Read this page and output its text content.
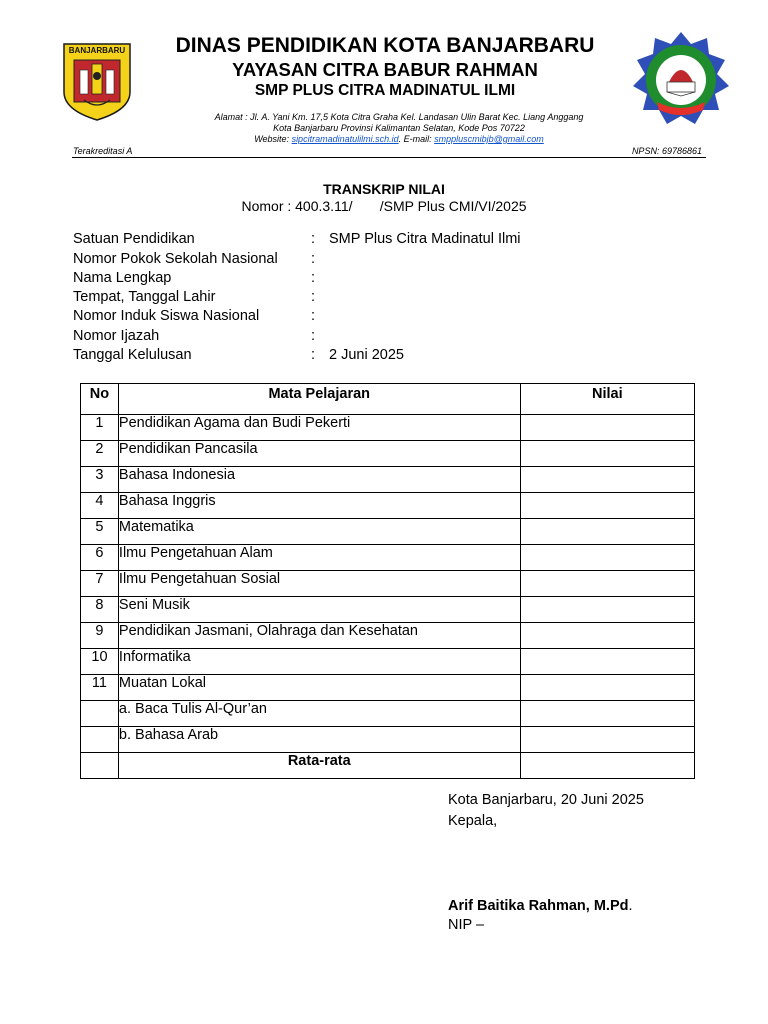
BANJARBARU	DINAS PENDIDIKAN KOTA BANJARBARU
YAYASAN CITRA BABUR RAHMAN
SMP PLUS CITRA MADINATUL ILMI
Alamat : Jl. A. Yani Km. 17,5 Kota Citra Graha Kel. Landasan Ulin Barat Kec. Liang Anggang
Kota Banjarbaru Provinsi Kalimantan Selatan, Kode Pos 70722
Website: sipcitramadinatulilmi.sch.id. E-mail: smppluscmibjb@gmail.com
Terakreditasi A	NPSN: 69786861
TRANSKRIP NILAI
Nomor : 400.3.11/       /SMP Plus CMI/VI/2025
Satuan Pendidikan	: SMP Plus Citra Madinatul Ilmi
Nomor Pokok Sekolah Nasional :
Nama Lengkap	:
Tempat, Tanggal Lahir	:
Nomor Induk Siswa Nasional	:
Nomor Ijazah	:
Tanggal Kelulusan	: 2 Juni 2025
No	Mata Pelajaran	Nilai
1	Pendidikan Agama dan Budi Pekerti	
2	Pendidikan Pancasila	
3	Bahasa Indonesia	
4	Bahasa Inggris	
5	Matematika	
6	Ilmu Pengetahuan Alam	
7	Ilmu Pengetahuan Sosial	
8	Seni Musik	
9	Pendidikan Jasmani, Olahraga dan Kesehatan	
10	Informatika	
11	Muatan Lokal	
	a. Baca Tulis Al-Qur’an	
	b. Bahasa Arab	
	Rata-rata	
Kota Banjarbaru, 20 Juni 2025
Kepala,
Arif Baitika Rahman, M.Pd.
NIP –
